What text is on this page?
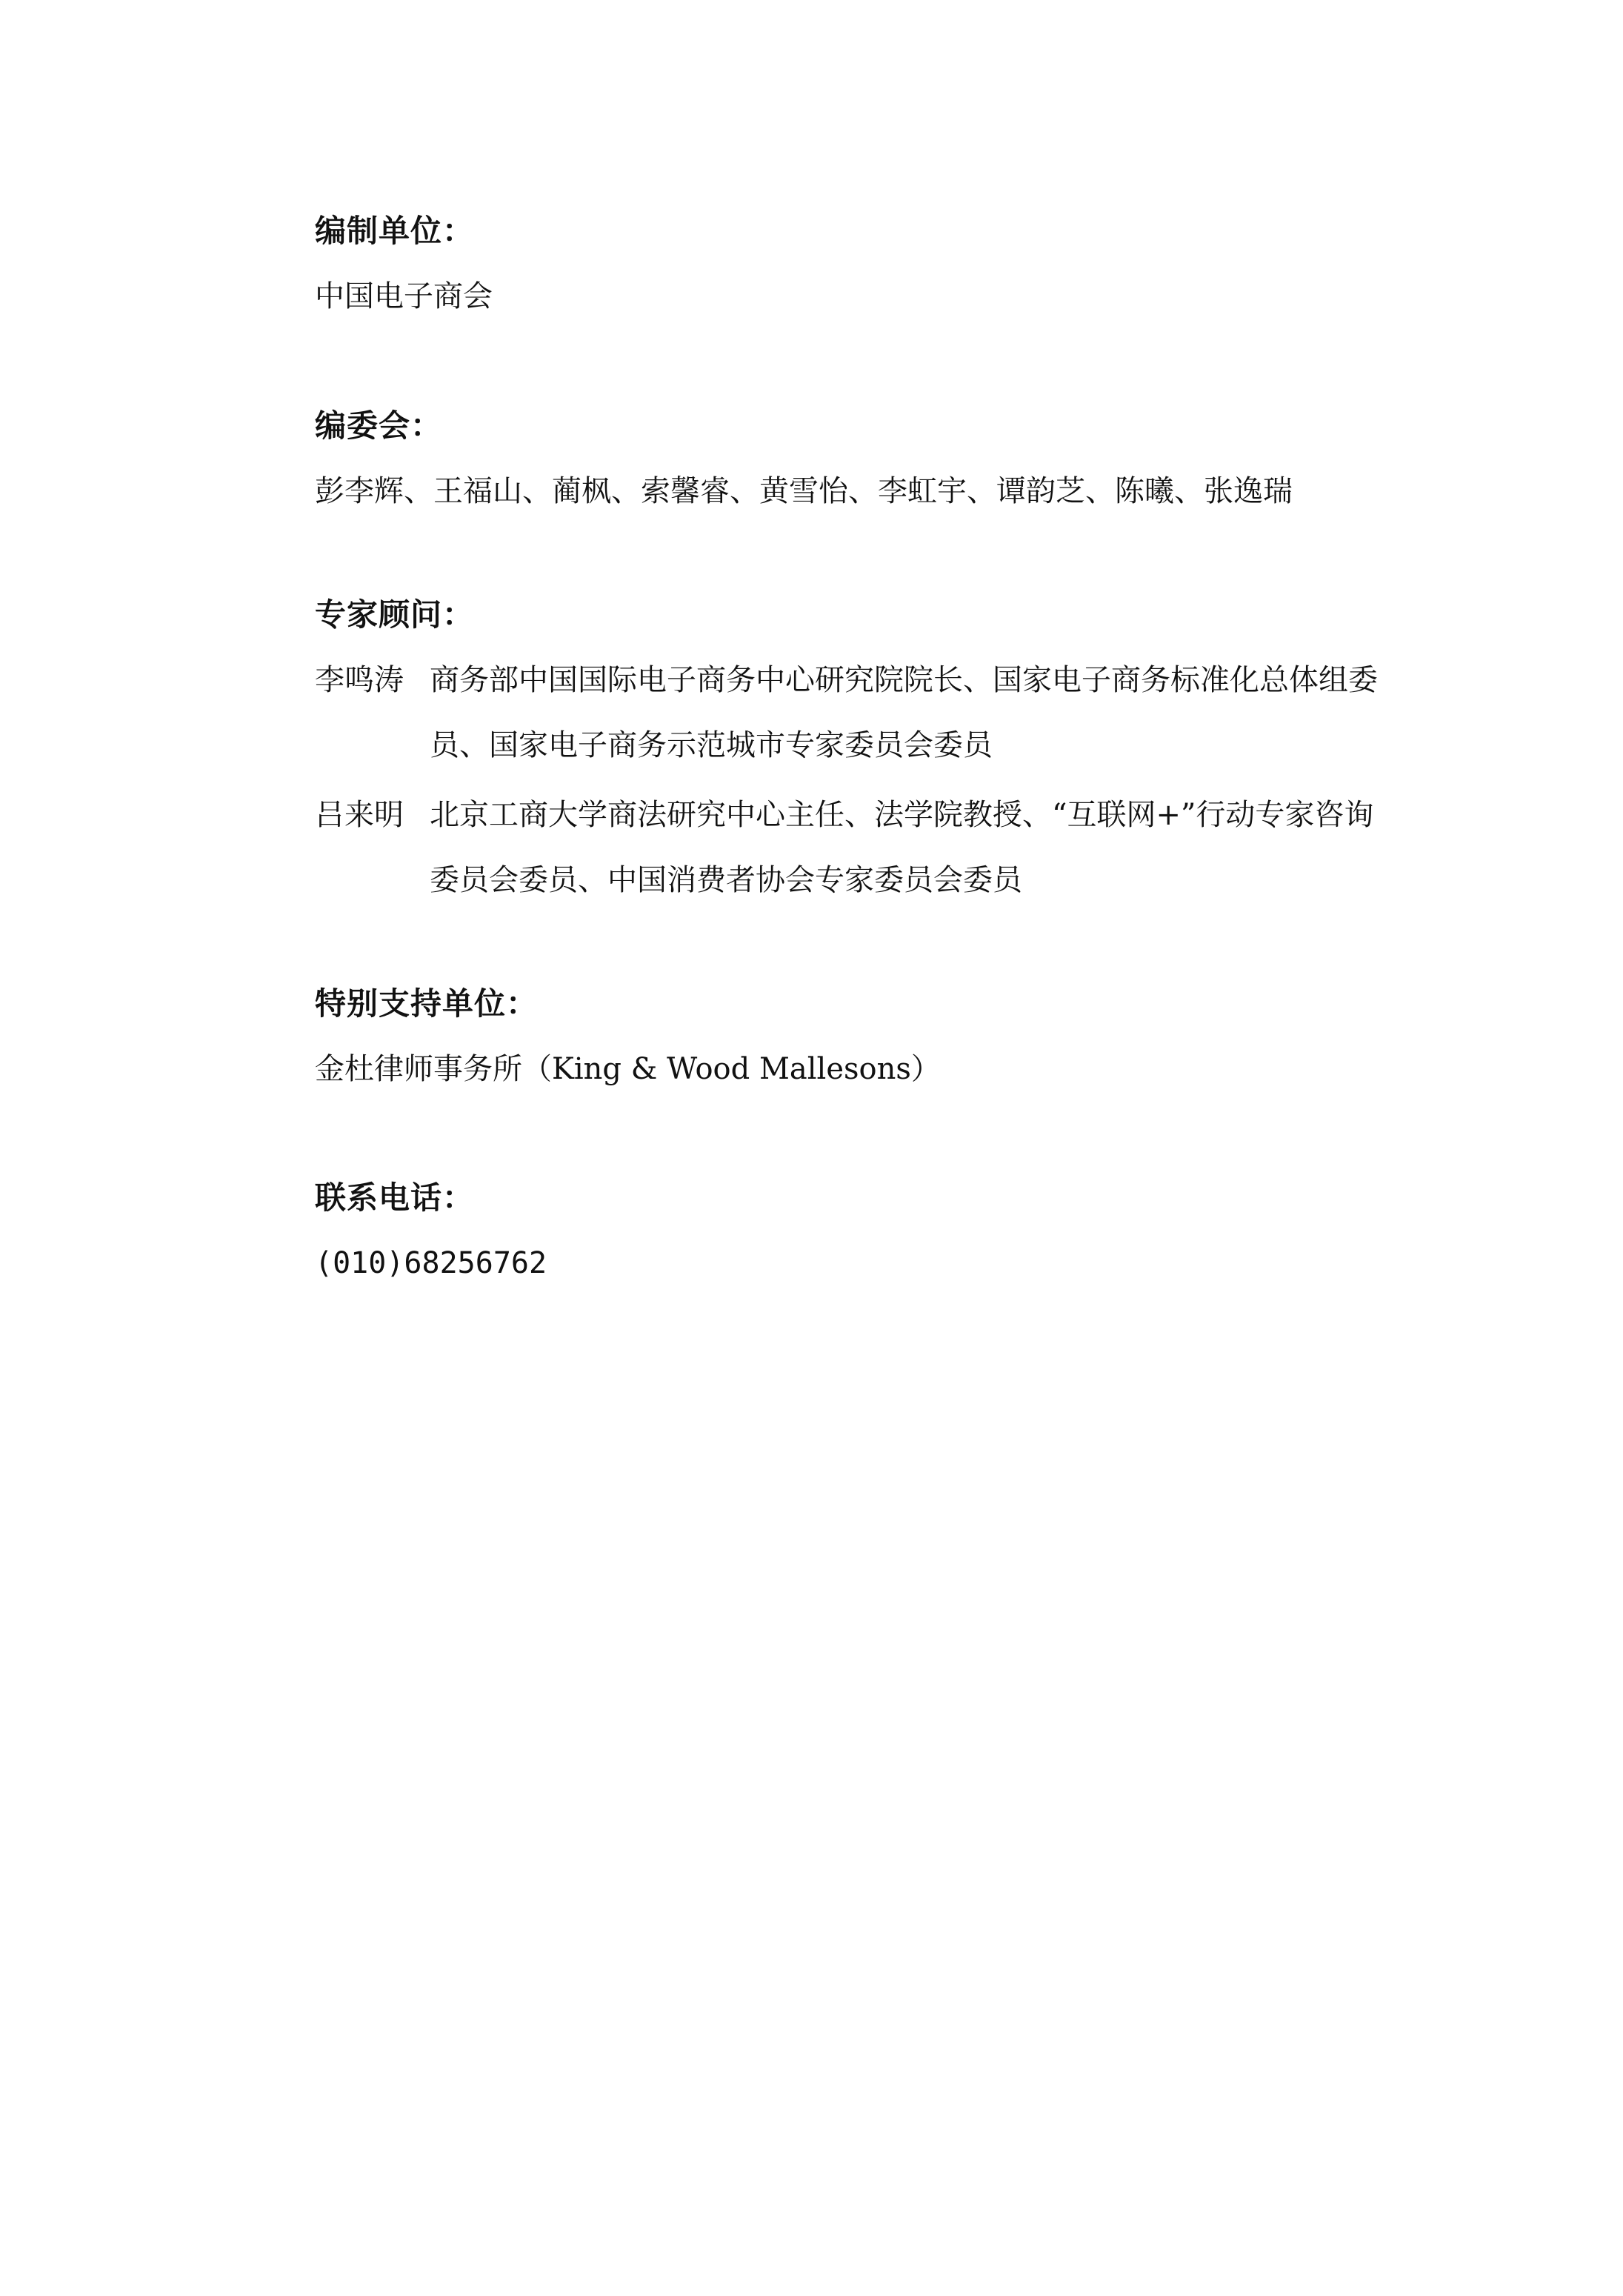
编制单位：
中国电子商会
编委会：
彭李辉、王福山、蔺枫、索馨睿、黄雪怡、李虹宇、谭韵芝、陈曦、张逸瑞
专家顾问：
李鸣涛 商务部中国国际电子商务中心研究院院长、国家电子商务标准化总体组委员、国家电子商务示范城市专家委员会委员
吕来明 北京工商大学商法研究中心主任、法学院教授、“互联网+”行动专家咨询委员会委员、中国消费者协会专家委员会委员
特别支持单位：
金杜律师事务所（King & Wood Mallesons）
联系电话：
(010)68256762
